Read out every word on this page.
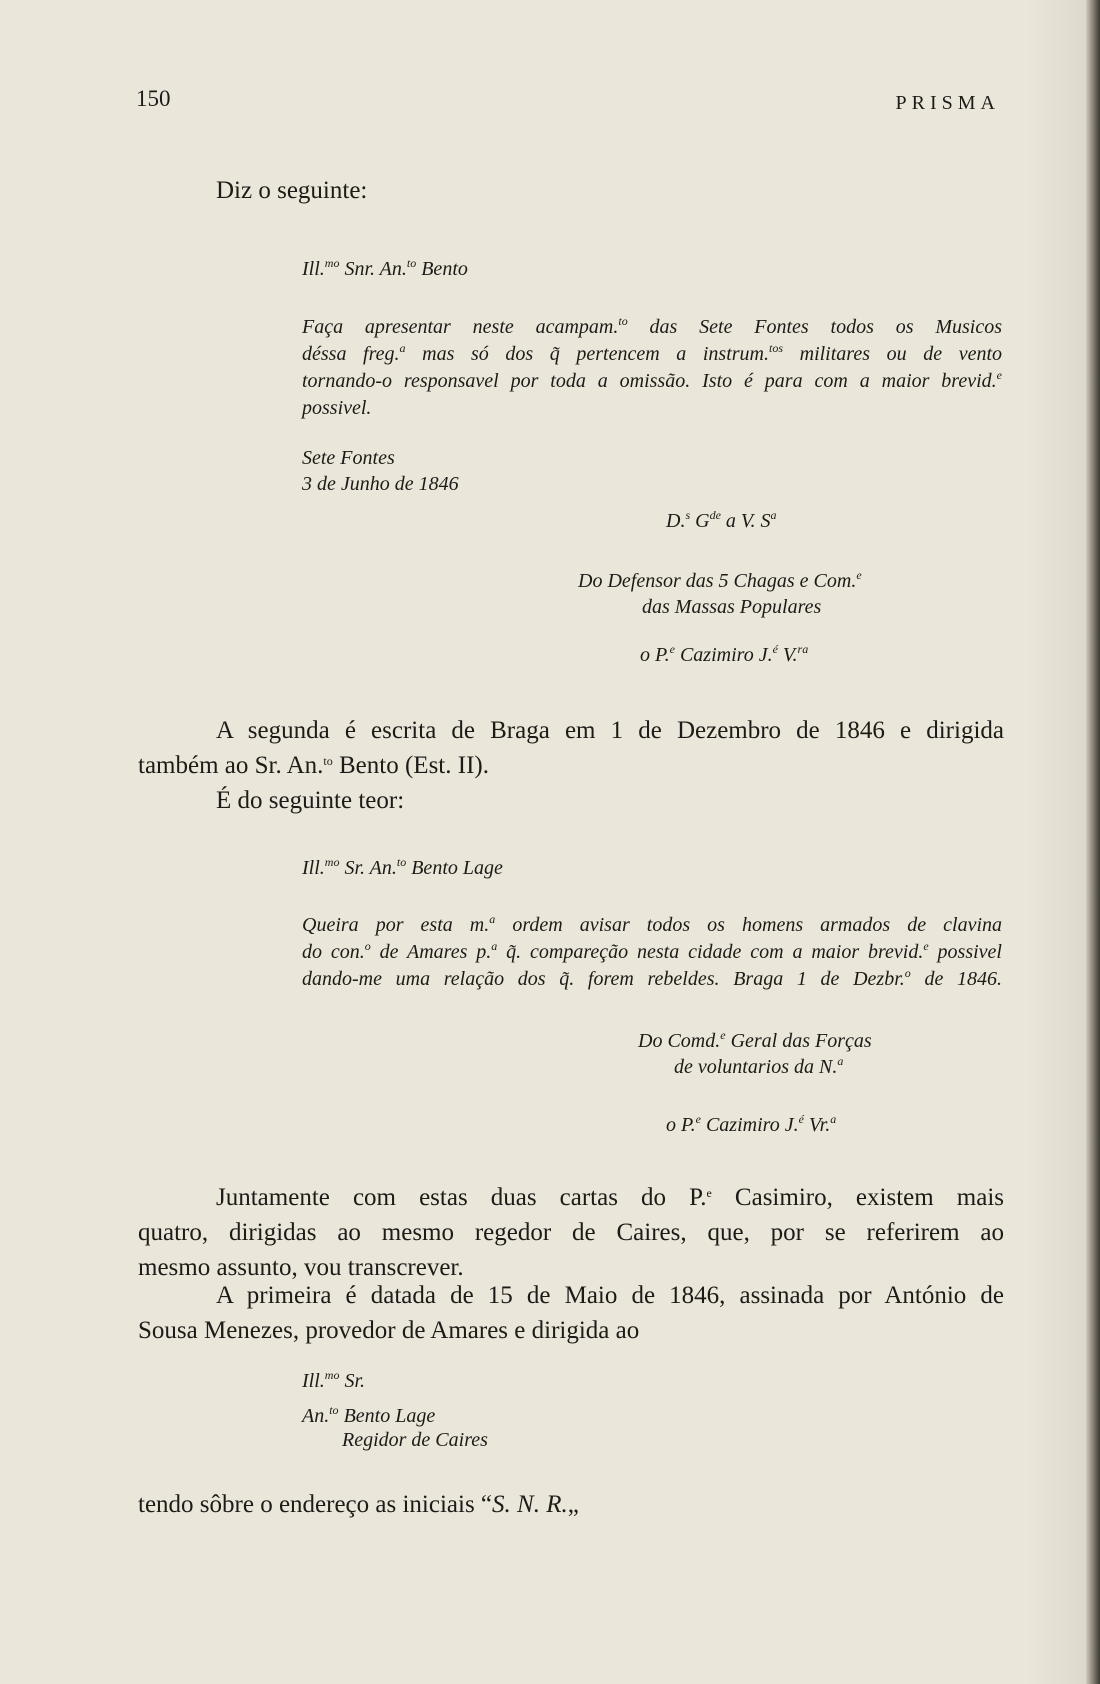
150	PRISMA
Diz o seguinte:
Ill.$^{mo}$ Snr. An.$^{to}$ Bento
Faça apresentar neste acampam.$^{to}$ das Sete Fontes todos os Musicos
déssa freg.$^a$ mas só dos q̃ pertencem a instrum.$^{tos}$ militares ou de vento
tornando-o responsavel por toda a omissão. Isto é para com a maior brevid.$^e$
possivel.
Sete Fontes
3 de Junho de 1846
D.$^s$ $G^{de}$ a V. $S^a$
Do Defensor das 5 Chagas e Com.$^e$
das Massas Populares
o P.$^e$ Cazimiro J.$^é$ V.$^{ra}$
A segunda é escrita de Braga em 1 de Dezembro de 1846 e dirigida
também ao Sr. An.$^{to}$ Bento (Est. II).
É do seguinte teor:
Ill.$^{mo}$ Sr. An.$^{to}$ Bento Lage
Queira por esta m.$^a$ ordem avisar todos os homens armados de clavina
do con.$^o$ de Amares p.$^a$ q̃. compareção nesta cidade com a maior brevid.$^e$ possivel
dando-me uma relação dos q̃. forem rebeldes. Braga 1 de Dezbr.$^o$ de 1846.
Do Comd.$^e$ Geral das Forças
de voluntarios da N.$^a$
o P.$^e$ Cazimiro J.$^é$ Vr.$^a$
Juntamente com estas duas cartas do P.$^e$ Casimiro, existem mais
quatro, dirigidas ao mesmo regedor de Caires, que, por se referirem ao
mesmo assunto, vou transcrever.
A primeira é datada de 15 de Maio de 1846, assinada por António de
Sousa Menezes, provedor de Amares e dirigida ao
Ill.$^{mo}$ Sr.
An.$^{to}$ Bento Lage
Regidor de Caires
tendo sôbre o endereço as iniciais “S. N. R.„
